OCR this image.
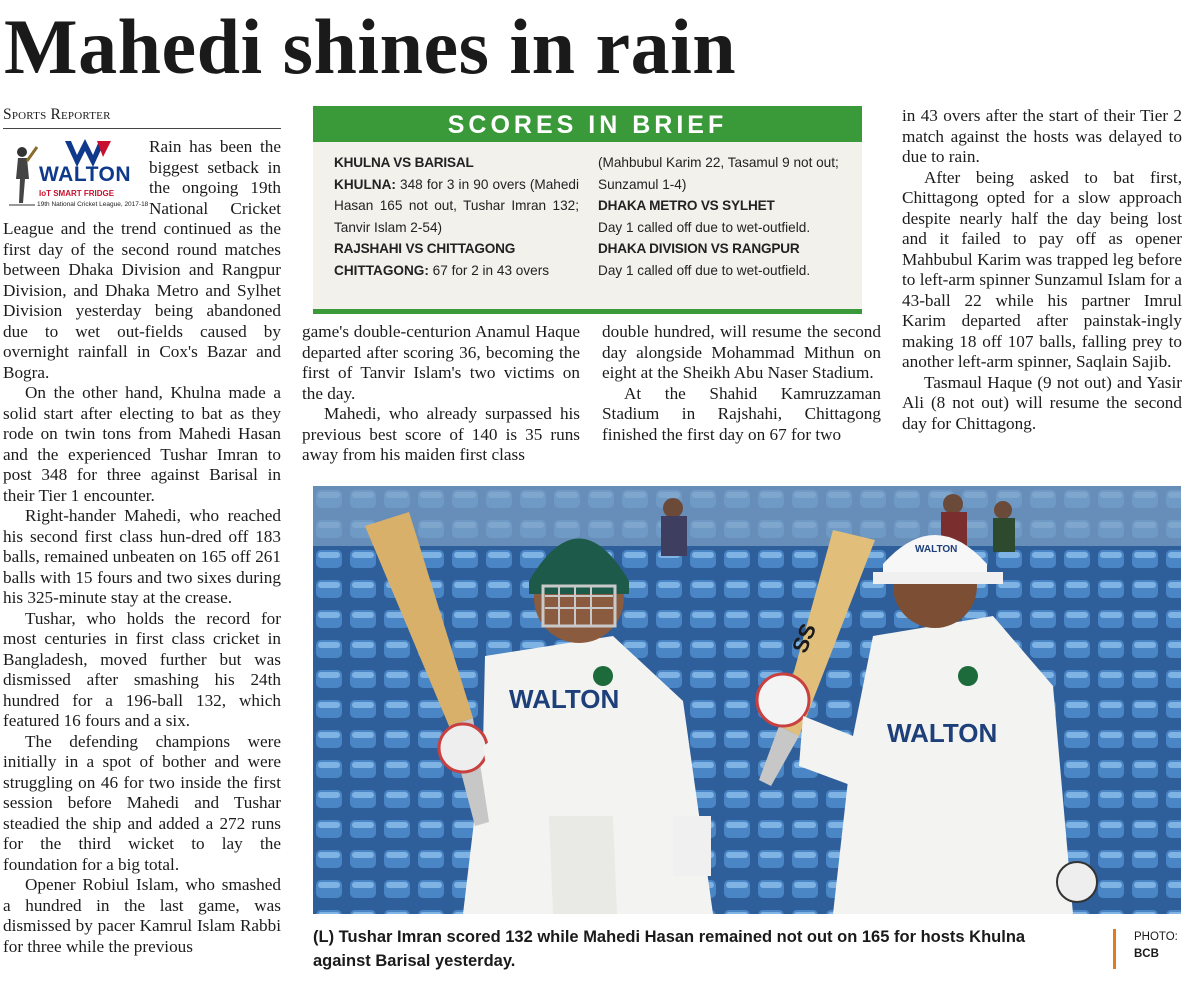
Mahedi shines in rain
Sports Reporter
WALTON
IoT SMART FRIDGE
19th National Cricket League, 2017-18

Rain has been the biggest setback in the ongoing 19th National Cricket League and the trend continued as the first day of the second round matches between Dhaka Division and Rangpur Division, and Dhaka Metro and Sylhet Division yesterday being abandoned due to wet out-fields caused by overnight rainfall in Cox's Bazar and Bogra.

On the other hand, Khulna made a solid start after electing to bat as they rode on twin tons from Mahedi Hasan and the experienced Tushar Imran to post 348 for three against Barisal in their Tier 1 encounter.

Right-hander Mahedi, who reached his second first class hun-dred off 183 balls, remained unbeaten on 165 off 261 balls with 15 fours and two sixes during his 325-minute stay at the crease.

Tushar, who holds the record for most centuries in first class cricket in Bangladesh, moved further but was dismissed after smashing his 24th hundred for a 196-ball 132, which featured 16 fours and a six.

The defending champions were initially in a spot of bother and were struggling on 46 for two inside the first session before Mahedi and Tushar steadied the ship and added a 272 runs for the third wicket to lay the foundation for a big total.

Opener Robiul Islam, who smashed a hundred in the last game, was dismissed by pacer Kamrul Islam Rabbi for three while the previous

SCORES IN BRIEF
KHULNA VS BARISAL
KHULNA: 348 for 3 in 90 overs (Mahedi Hasan 165 not out, Tushar Imran 132; Tanvir Islam 2-54)
RAJSHAHI VS CHITTAGONG
CHITTAGONG: 67 for 2 in 43 overs
(Mahbubul Karim 22, Tasamul 9 not out;
Sunzamul 1-4)
DHAKA METRO VS SYLHET
Day 1 called off due to wet-outfield.
DHAKA DIVISION VS RANGPUR
Day 1 called off due to wet-outfield.

game's double-centurion Anamul Haque departed after scoring 36, becoming the first of Tanvir Islam's two victims on the day.

Mahedi, who already surpassed his previous best score of 140 is 35 runs away from his maiden first class

double hundred, will resume the second day alongside Mohammad Mithun on eight at the Sheikh Abu Naser Stadium.

At the Shahid Kamruzzaman Stadium in Rajshahi, Chittagong finished the first day on 67 for two

in 43 overs after the start of their Tier 2 match against the hosts was delayed to due to rain.

After being asked to bat first, Chittagong opted for a slow approach despite nearly half the day being lost and it failed to pay off as opener Mahbubul Karim was trapped leg before to left-arm spinner Sunzamul Islam for a 43-ball 22 while his partner Imrul Karim departed after painstak-ingly making 18 off 107 balls, falling prey to another left-arm spinner, Saqlain Sajib.

Tasmaul Haque (9 not out) and Yasir Ali (8 not out) will resume the second day for Chittagong.

WALTON
WALTON
WALTON
SS
(L) Tushar Imran scored 132 while Mahedi Hasan remained not out on 165 for hosts Khulna against Barisal yesterday.
PHOTO:
BCB
